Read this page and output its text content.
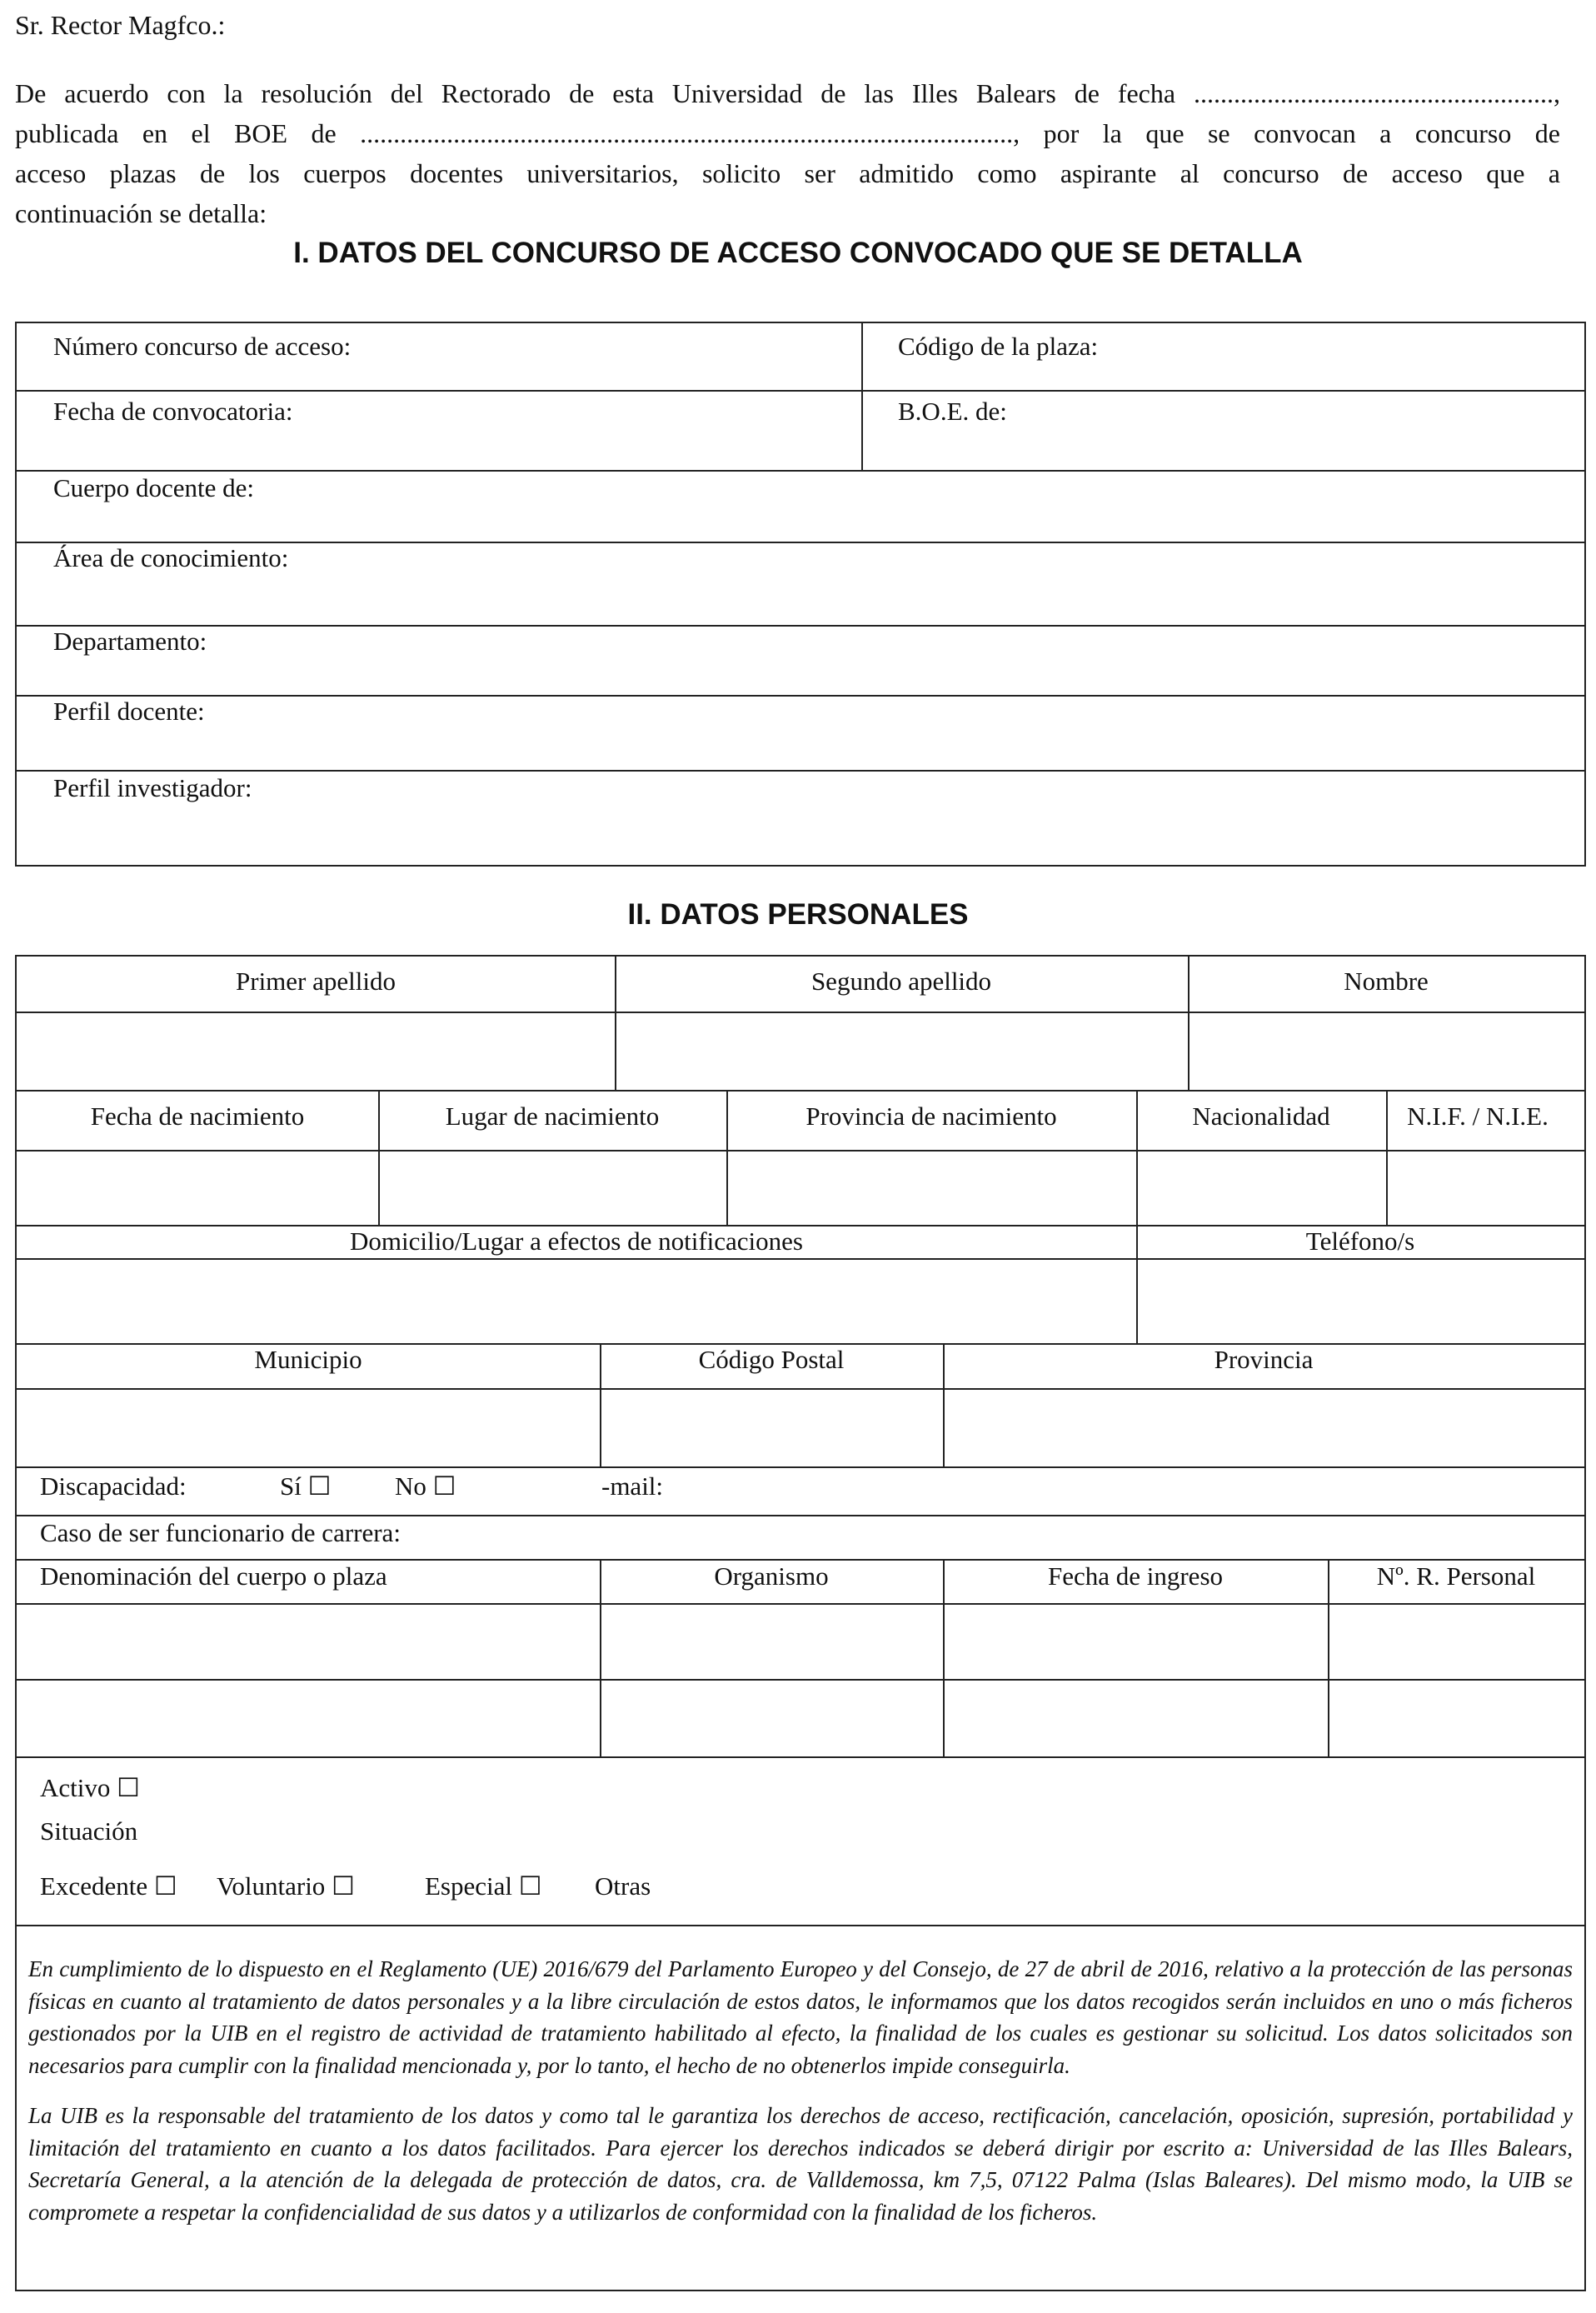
Sr. Rector Magfco.:
De acuerdo con la resolución del Rectorado de esta Universidad de las Illes Balears de fecha ......................................................,
publicada en el BOE de .................................................................................................., por la que se convocan a concurso de
acceso plazas de los cuerpos docentes universitarios, solicito ser admitido como aspirante al concurso de acceso que a
continuación se detalla:
I. DATOS DEL CONCURSO DE ACCESO CONVOCADO QUE SE DETALLA
Número concurso de acceso:	Código de la plaza:
Fecha de convocatoria:	B.O.E. de:
Cuerpo docente de:
Área de conocimiento:
Departamento:
Perfil docente:
Perfil investigador:
II. DATOS PERSONALES
Primer apellido	Segundo apellido	Nombre
Fecha de nacimiento	Lugar de nacimiento	Provincia de nacimiento	Nacionalidad	N.I.F. / N.I.E.
Domicilio/Lugar a efectos de notificaciones	Teléfono/s
Municipio	Código Postal	Provincia
Discapacidad:	Sí ☐ No ☐	-mail:
Caso de ser funcionario de carrera:
Denominación del cuerpo o plaza	Organismo	Fecha de ingreso	Nº. R. Personal
Activo ☐
Situación
Excedente ☐ Voluntario ☐	Especial ☐ Otras

En cumplimiento de lo dispuesto en el Reglamento (UE) 2016/679 del Parlamento Europeo y del Consejo, de 27 de abril de 2016, relativo a la protección de las personas físicas en cuanto al tratamiento de datos personales y a la libre circulación de estos datos, le informamos que los datos recogidos serán incluidos en uno o más ficheros gestionados por la UIB en el registro de actividad de tratamiento habilitado al efecto, la finalidad de los cuales es gestionar su solicitud. Los datos solicitados son necesarios para cumplir con la finalidad mencionada y, por lo tanto, el hecho de no obtenerlos impide conseguirla.

La UIB es la responsable del tratamiento de los datos y como tal le garantiza los derechos de acceso, rectificación, cancelación, oposición, supresión, portabilidad y limitación del tratamiento en cuanto a los datos facilitados. Para ejercer los derechos indicados se deberá dirigir por escrito a: Universidad de las Illes Balears, Secretaría General, a la atención de la delegada de protección de datos, cra. de Valldemossa, km 7,5, 07122 Palma (Islas Baleares). Del mismo modo, la UIB se compromete a respetar la confidencialidad de sus datos y a utilizarlos de conformidad con la finalidad de los ficheros.
